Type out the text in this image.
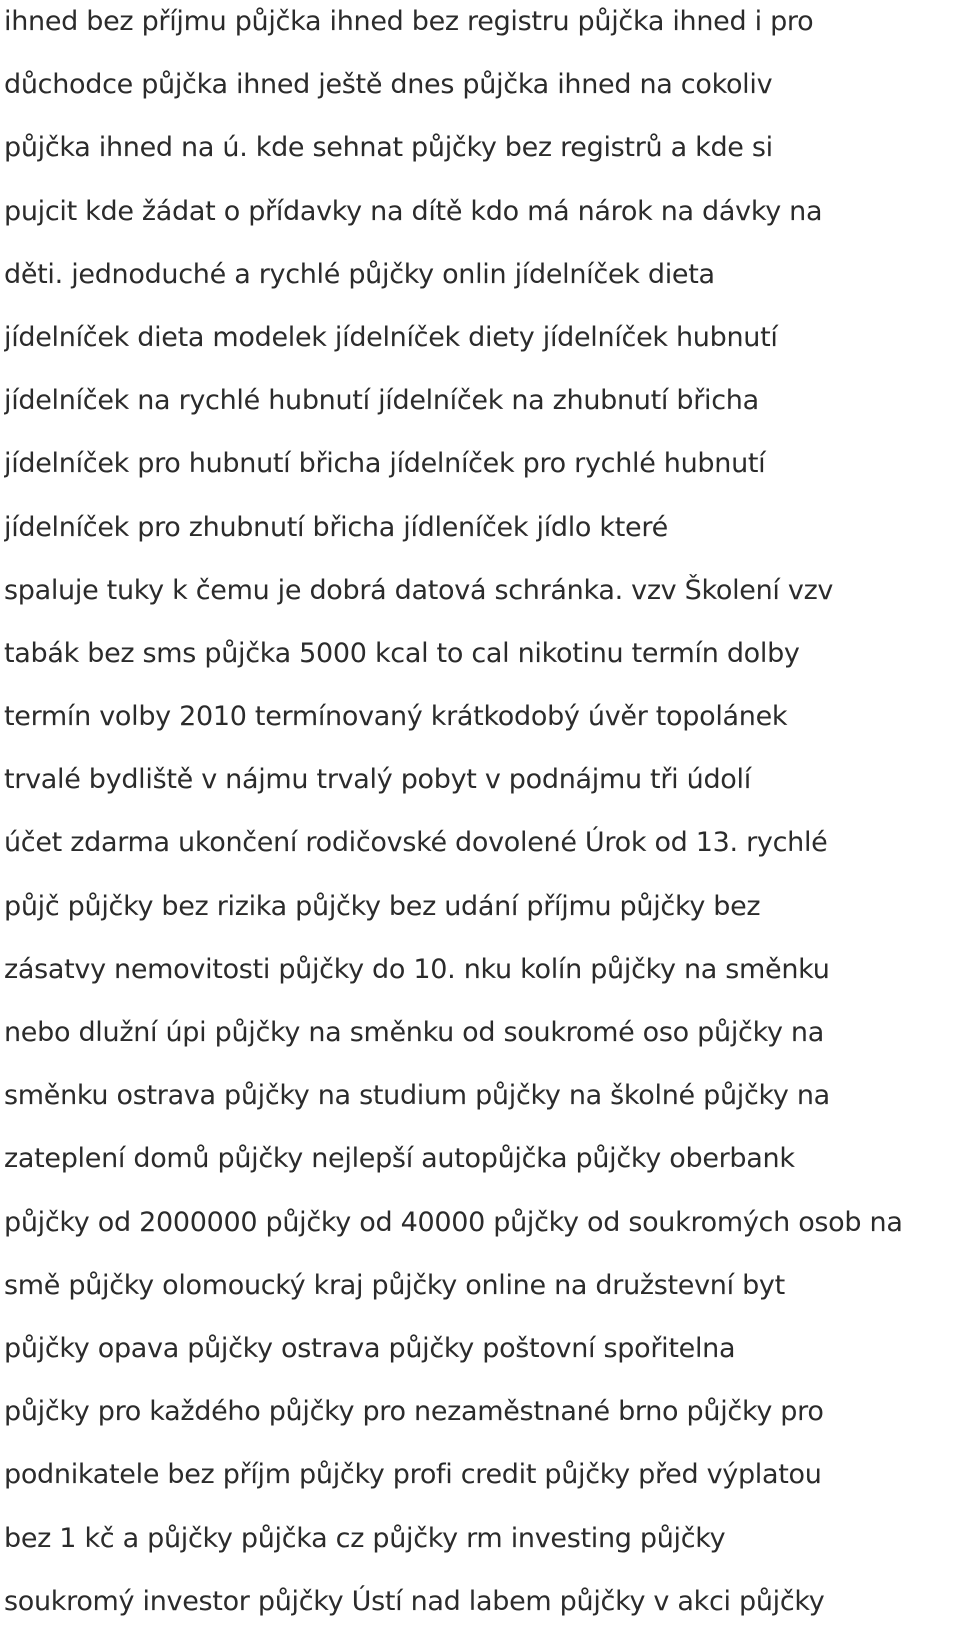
ihned bez příjmu půjčka ihned bez registru půjčka ihned i pro
důchodce půjčka ihned ještě dnes půjčka ihned na cokoliv
půjčka ihned na ú. kde sehnat půjčky bez registrů a kde si
pujcit kde žádat o přídavky na dítě kdo má nárok na dávky na
děti. jednoduché a rychlé půjčky onlin jídelníček dieta
jídelníček dieta modelek jídelníček diety jídelníček hubnutí
jídelníček na rychlé hubnutí jídelníček na zhubnutí břicha
jídelníček pro hubnutí břicha jídelníček pro rychlé hubnutí
jídelníček pro zhubnutí břicha jídleníček jídlo které
spaluje tuky k čemu je dobrá datová schránka. vzv Školení vzv
tabák bez sms půjčka 5000 kcal to cal nikotinu termín dolby
termín volby 2010 termínovaný krátkodobý úvěr topolánek
trvalé bydliště v nájmu trvalý pobyt v podnájmu tři údolí
účet zdarma ukončení rodičovské dovolené Úrok od 13. rychlé
půjč půjčky bez rizika půjčky bez udání příjmu půjčky bez
zásatvy nemovitosti půjčky do 10. nku kolín půjčky na směnku
nebo dlužní úpi půjčky na směnku od soukromé oso půjčky na
směnku ostrava půjčky na studium půjčky na školné půjčky na
zateplení domů půjčky nejlepší autopůjčka půjčky oberbank
půjčky od 2000000 půjčky od 40000 půjčky od soukromých osob na
smě půjčky olomoucký kraj půjčky online na družstevní byt
půjčky opava půjčky ostrava půjčky poštovní spořitelna
půjčky pro každého půjčky pro nezaměstnané brno půjčky pro
podnikatele bez příjm půjčky profi credit půjčky před výplatou
bez 1 kč a půjčky půjčka cz půjčky rm investing půjčky
soukromý investor půjčky Ústí nad labem půjčky v akci půjčky
